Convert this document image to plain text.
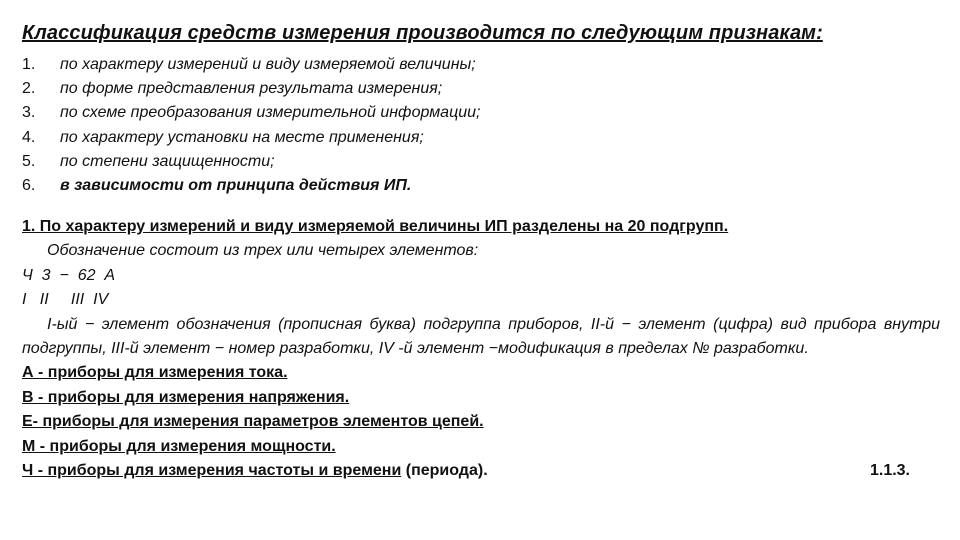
Классификация средств измерения производится по следующим признакам:
1. по характеру измерений и виду измеряемой величины;
2. по форме представления результата измерения;
3. по схеме преобразования измерительной информации;
4. по характеру установки на месте применения;
5. по степени защищенности;
6. в зависимости от принципа действия ИП.
1. По характеру измерений и виду измеряемой величины ИП разделены на 20 подгрупп.
Обозначение состоит из трех или четырех элементов:
Ч  3  −  62  А
I   II     III  IV
I-ый − элемент обозначения (прописная буква) подгруппа приборов, II-й − элемент (цифра) вид прибора внутри подгруппы, III-й элемент − номер разработки, IV -й элемент −модификация в пределах № разработки.
А - приборы для измерения тока.
В - приборы для измерения напряжения.
Е- приборы для измерения параметров элементов цепей.
М - приборы для измерения мощности.
Ч - приборы для измерения частоты и времени (периода).	1.1.3.
